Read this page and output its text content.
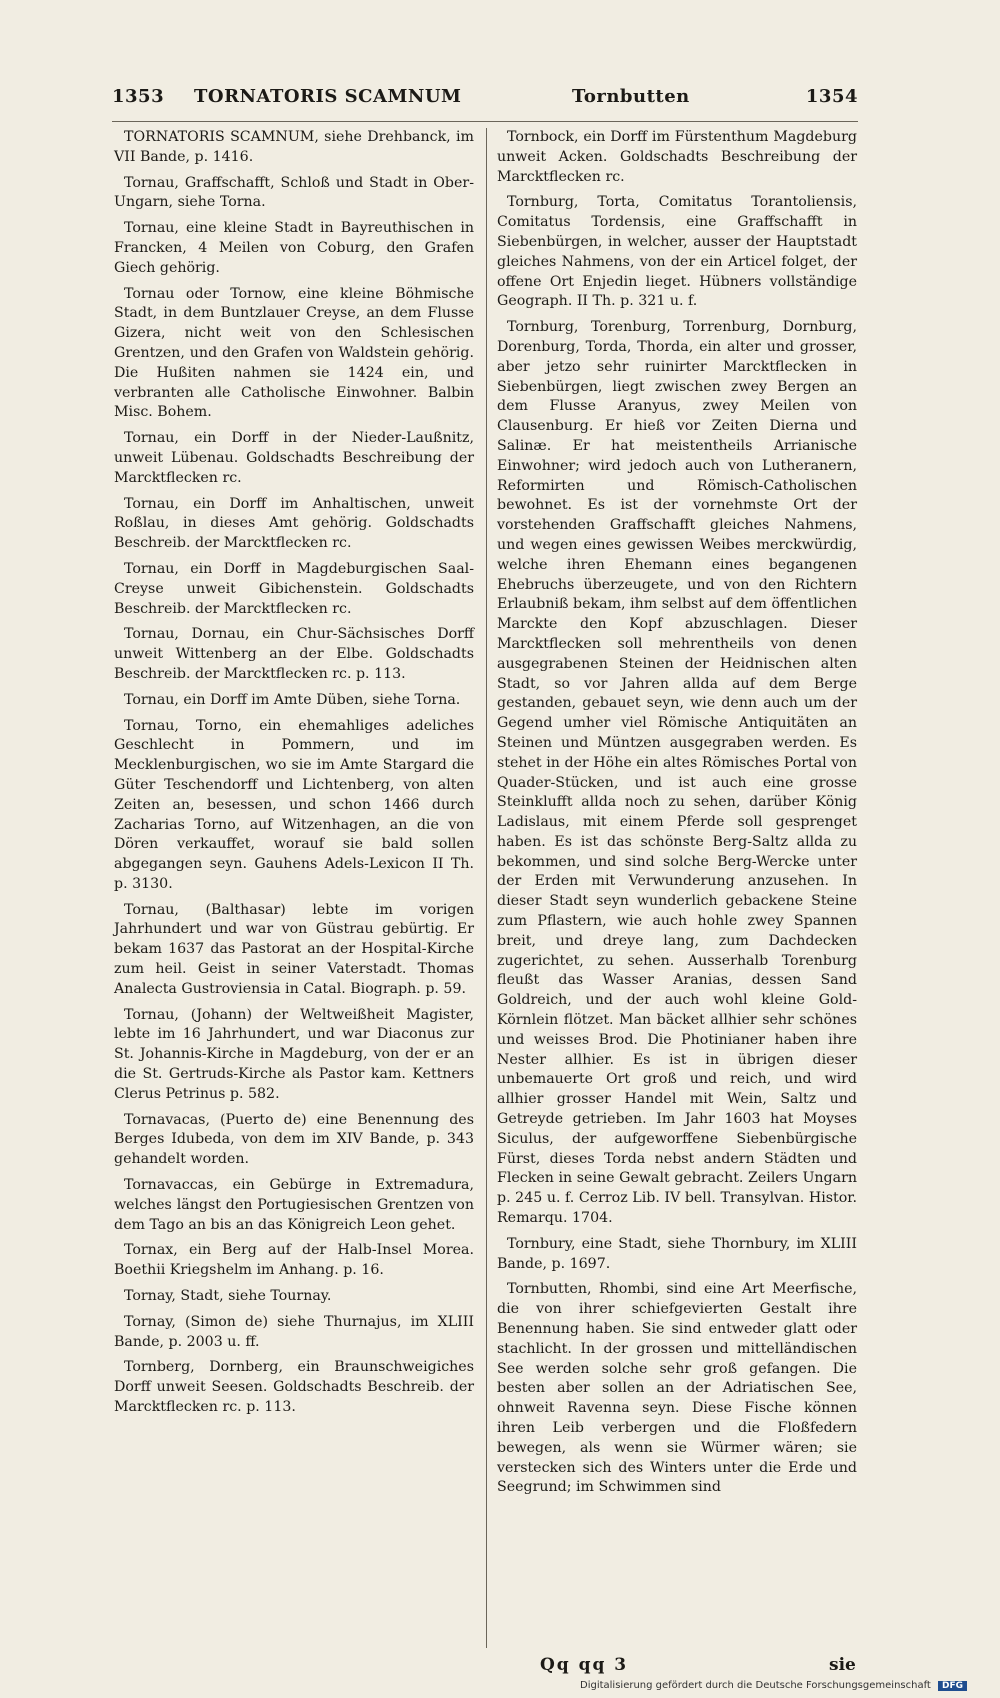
1353 TORNATORIS SCAMNUM	Tornbutten	1354

TORNATORIS SCAMNUM, siehe Drehbanck, im VII Bande, p. 1416.

Tornau, Graffschafft, Schloß und Stadt in Ober-Ungarn, siehe Torna.

Tornau, eine kleine Stadt in Bayreuthischen in Francken, 4 Meilen von Coburg, den Grafen Giech gehörig.

Tornau oder Tornow, eine kleine Böhmische Stadt, in dem Buntzlauer Creyse, an dem Flusse Gizera, nicht weit von den Schlesischen Grentzen, und den Grafen von Waldstein gehörig. Die Hußiten nahmen sie 1424 ein, und verbranten alle Catholische Einwohner. Balbin Misc. Bohem.

Tornau, ein Dorff in der Nieder-Laußnitz, unweit Lübenau. Goldschadts Beschreibung der Marcktflecken rc.

Tornau, ein Dorff im Anhaltischen, unweit Roßlau, in dieses Amt gehörig. Goldschadts Beschreib. der Marcktflecken rc.

Tornau, ein Dorff in Magdeburgischen Saal-Creyse unweit Gibichenstein. Goldschadts Beschreib. der Marcktflecken rc.

Tornau, Dornau, ein Chur-Sächsisches Dorff unweit Wittenberg an der Elbe. Goldschadts Beschreib. der Marcktflecken rc. p. 113.

Tornau, ein Dorff im Amte Düben, siehe Torna.

Tornau, Torno, ein ehemahliges adeliches Geschlecht in Pommern, und im Mecklenburgischen, wo sie im Amte Stargard die Güter Teschendorff und Lichtenberg, von alten Zeiten an, besessen, und schon 1466 durch Zacharias Torno, auf Witzenhagen, an die von Dören verkauffet, worauf sie bald sollen abgegangen seyn. Gauhens Adels-Lexicon II Th. p. 3130.

Tornau, (Balthasar) lebte im vorigen Jahrhundert und war von Güstrau gebürtig. Er bekam 1637 das Pastorat an der Hospital-Kirche zum heil. Geist in seiner Vaterstadt. Thomas Analecta Gustroviensia in Catal. Biograph. p. 59.

Tornau, (Johann) der Weltweißheit Magister, lebte im 16 Jahrhundert, und war Diaconus zur St. Johannis-Kirche in Magdeburg, von der er an die St. Gertruds-Kirche als Pastor kam. Kettners Clerus Petrinus p. 582.

Tornavacas, (Puerto de) eine Benennung des Berges Idubeda, von dem im XIV Bande, p. 343 gehandelt worden.

Tornavaccas, ein Gebürge in Extremadura, welches längst den Portugiesischen Grentzen von dem Tago an bis an das Königreich Leon gehet.

Tornax, ein Berg auf der Halb-Insel Morea. Boethii Kriegshelm im Anhang. p. 16.

Tornay, Stadt, siehe Tournay.

Tornay, (Simon de) siehe Thurnajus, im XLIII Bande, p. 2003 u. ff.

Tornberg, Dornberg, ein Braunschweigiches Dorff unweit Seesen. Goldschadts Beschreib. der Marcktflecken rc. p. 113.

Tornbock, ein Dorff im Fürstenthum Magdeburg unweit Acken. Goldschadts Beschreibung der Marcktflecken rc.

Tornburg, Torta, Comitatus Torantoliensis, Comitatus Tordensis, eine Graffschafft in Siebenbürgen, in welcher, ausser der Hauptstadt gleiches Nahmens, von der ein Articel folget, der offene Ort Enjedin lieget. Hübners vollständige Geograph. II Th. p. 321 u. f.

Tornburg, Torenburg, Torrenburg, Dornburg, Dorenburg, Torda, Thorda, ein alter und grosser, aber jetzo sehr ruinirter Marcktflecken in Siebenbürgen, liegt zwischen zwey Bergen an dem Flusse Aranyus, zwey Meilen von Clausenburg. Er hieß vor Zeiten Dierna und Salinæ. Er hat meistentheils Arrianische Einwohner; wird jedoch auch von Lutheranern, Reformirten und Römisch-Catholischen bewohnet. Es ist der vornehmste Ort der vorstehenden Graffschafft gleiches Nahmens, und wegen eines gewissen Weibes merckwürdig, welche ihren Ehemann eines begangenen Ehebruchs überzeugete, und von den Richtern Erlaubniß bekam, ihm selbst auf dem öffentlichen Marckte den Kopf abzuschlagen. Dieser Marcktflecken soll mehrentheils von denen ausgegrabenen Steinen der Heidnischen alten Stadt, so vor Jahren allda auf dem Berge gestanden, gebauet seyn, wie denn auch um der Gegend umher viel Römische Antiquitäten an Steinen und Müntzen ausgegraben werden. Es stehet in der Höhe ein altes Römisches Portal von Quader-Stücken, und ist auch eine grosse Steinklufft allda noch zu sehen, darüber König Ladislaus, mit einem Pferde soll gesprenget haben. Es ist das schönste Berg-Saltz allda zu bekommen, und sind solche Berg-Wercke unter der Erden mit Verwunderung anzusehen. In dieser Stadt seyn wunderlich gebackene Steine zum Pflastern, wie auch hohle zwey Spannen breit, und dreye lang, zum Dachdecken zugerichtet, zu sehen. Ausserhalb Torenburg fleußt das Wasser Aranias, dessen Sand Goldreich, und der auch wohl kleine Gold-Körnlein flötzet. Man bäcket allhier sehr schönes und weisses Brod. Die Photinianer haben ihre Nester allhier. Es ist in übrigen dieser unbemauerte Ort groß und reich, und wird allhier grosser Handel mit Wein, Saltz und Getreyde getrieben. Im Jahr 1603 hat Moyses Siculus, der aufgeworffene Siebenbürgische Fürst, dieses Torda nebst andern Städten und Flecken in seine Gewalt gebracht. Zeilers Ungarn p. 245 u. f. Cerroz Lib. IV bell. Transylvan. Histor. Remarqu. 1704.

Tornbury, eine Stadt, siehe Thornbury, im XLIII Bande, p. 1697.

Tornbutten, Rhombi, sind eine Art Meerfische, die von ihrer schiefgevierten Gestalt ihre Benennung haben. Sie sind entweder glatt oder stachlicht. In der grossen und mittelländischen See werden solche sehr groß gefangen. Die besten aber sollen an der Adriatischen See, ohnweit Ravenna seyn. Diese Fische können ihren Leib verbergen und die Floßfedern bewegen, als wenn sie Würmer wären; sie verstecken sich des Winters unter die Erde und Seegrund; im Schwimmen sind

Qq qq 3	sie
Digitalisierung gefördert durch die Deutsche Forschungsgemeinschaft DFG
